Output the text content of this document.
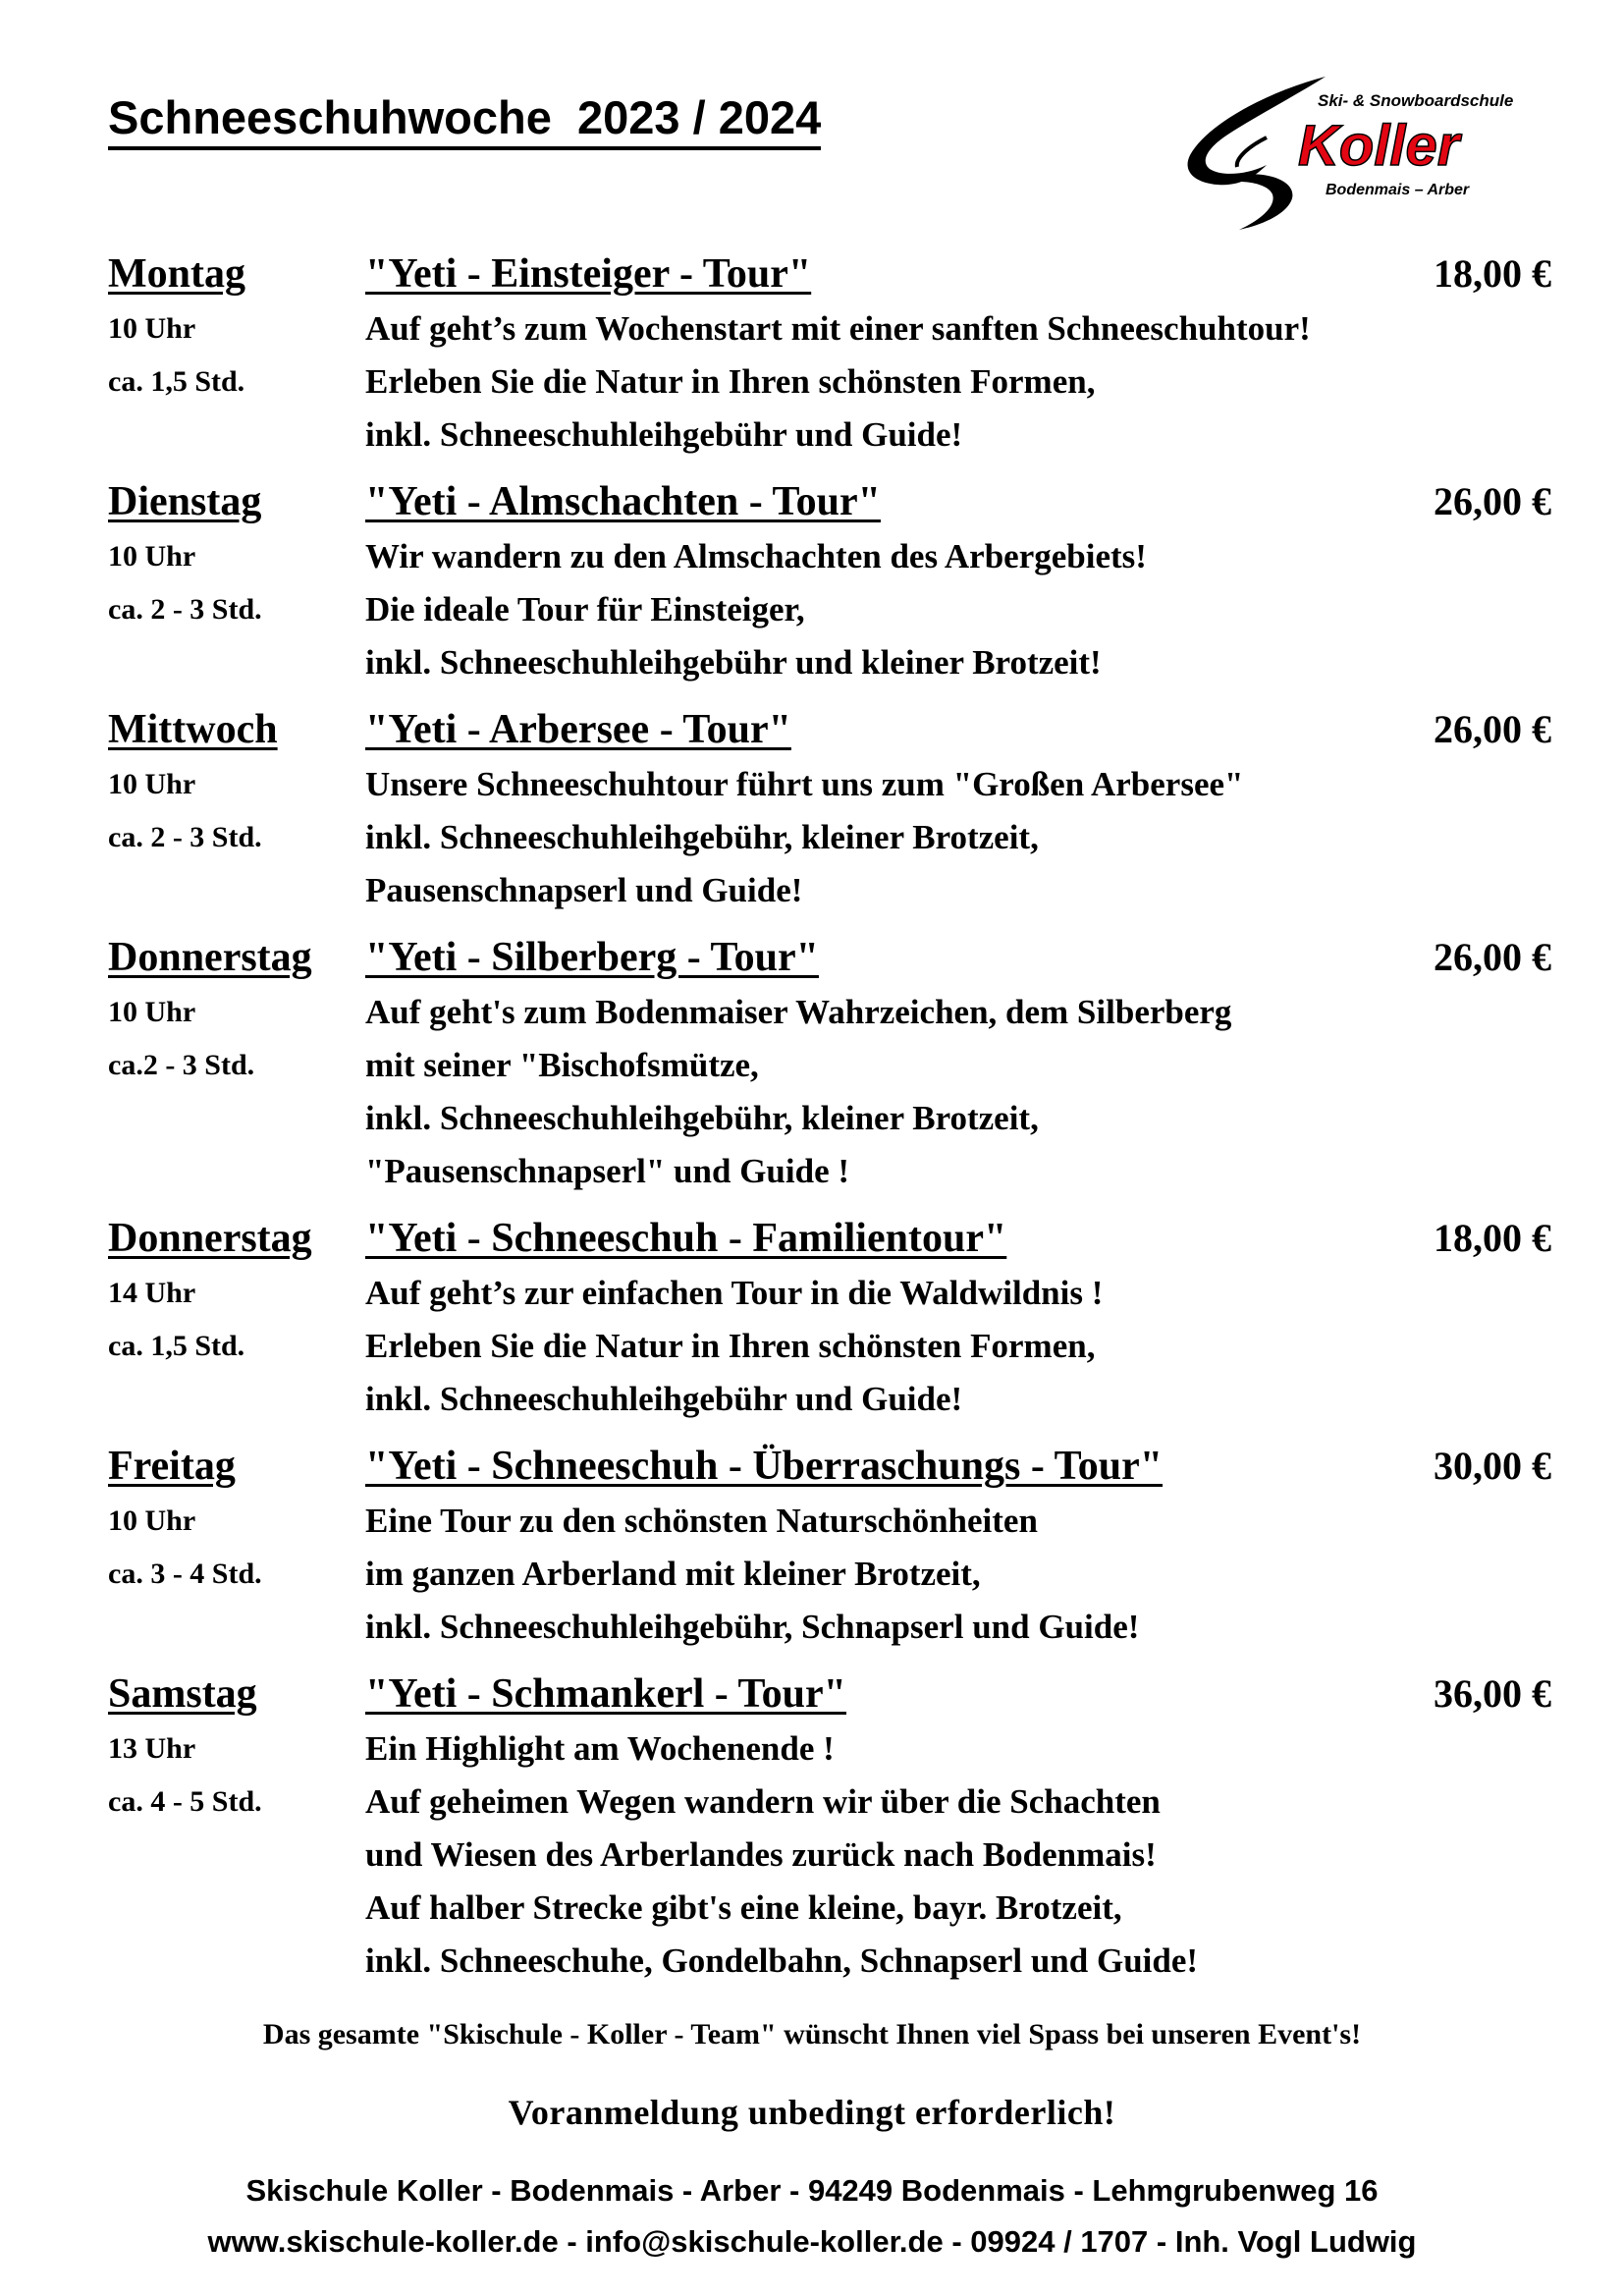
Schneeschuhwoche  2023 / 2024	Ski- & Snowboardschule
Koller
Bodenmais – Arber
Montag	"Yeti - Einsteiger - Tour"	18,00 €
10 Uhr
ca. 1,5 Std.
Auf geht’s zum Wochenstart mit einer sanften Schneeschuhtour!
Erleben Sie die Natur in Ihren schönsten Formen,
inkl. Schneeschuhleihgebühr und Guide!
Dienstag	"Yeti - Almschachten - Tour"	26,00 €
10 Uhr
ca. 2 - 3 Std.
Wir wandern zu den Almschachten des Arbergebiets!
Die ideale Tour für Einsteiger,
inkl. Schneeschuhleihgebühr und kleiner Brotzeit!
Mittwoch "Yeti - Arbersee - Tour"	26,00 €
10 Uhr
ca. 2 - 3 Std.
Unsere Schneeschuhtour führt uns zum "Großen Arbersee"
inkl. Schneeschuhleihgebühr, kleiner Brotzeit,
Pausenschnapserl und Guide!
Donnerstag "Yeti - Silberberg - Tour"	26,00 €
10 Uhr
ca.2 - 3 Std.
Auf geht's zum Bodenmaiser Wahrzeichen, dem Silberberg
mit seiner "Bischofsmütze,
inkl. Schneeschuhleihgebühr, kleiner Brotzeit,
"Pausenschnapserl" und Guide !
Donnerstag "Yeti - Schneeschuh - Familientour"	18,00 €
14 Uhr
ca. 1,5 Std.
Auf geht’s zur einfachen Tour in die Waldwildnis !
Erleben Sie die Natur in Ihren schönsten Formen,
inkl. Schneeschuhleihgebühr und Guide!
Freitag	"Yeti - Schneeschuh - Überraschungs - Tour"	30,00 €
10 Uhr
ca. 3 - 4 Std.
Eine Tour zu den schönsten Naturschönheiten
im ganzen Arberland mit kleiner Brotzeit,
inkl. Schneeschuhleihgebühr, Schnapserl und Guide!
Samstag	"Yeti - Schmankerl - Tour"	36,00 €
13 Uhr
ca. 4 - 5 Std.
Ein Highlight am Wochenende !
Auf geheimen Wegen wandern wir über die Schachten
und Wiesen des Arberlandes zurück nach Bodenmais!
Auf halber Strecke gibt's eine kleine, bayr. Brotzeit,
inkl. Schneeschuhe, Gondelbahn, Schnapserl und Guide!
Das gesamte "Skischule - Koller - Team" wünscht Ihnen viel Spass bei unseren Event's!
Voranmeldung unbedingt erforderlich!
Skischule Koller - Bodenmais - Arber - 94249 Bodenmais - Lehmgrubenweg 16
www.skischule-koller.de - info@skischule-koller.de - 09924 / 1707 - Inh. Vogl Ludwig
